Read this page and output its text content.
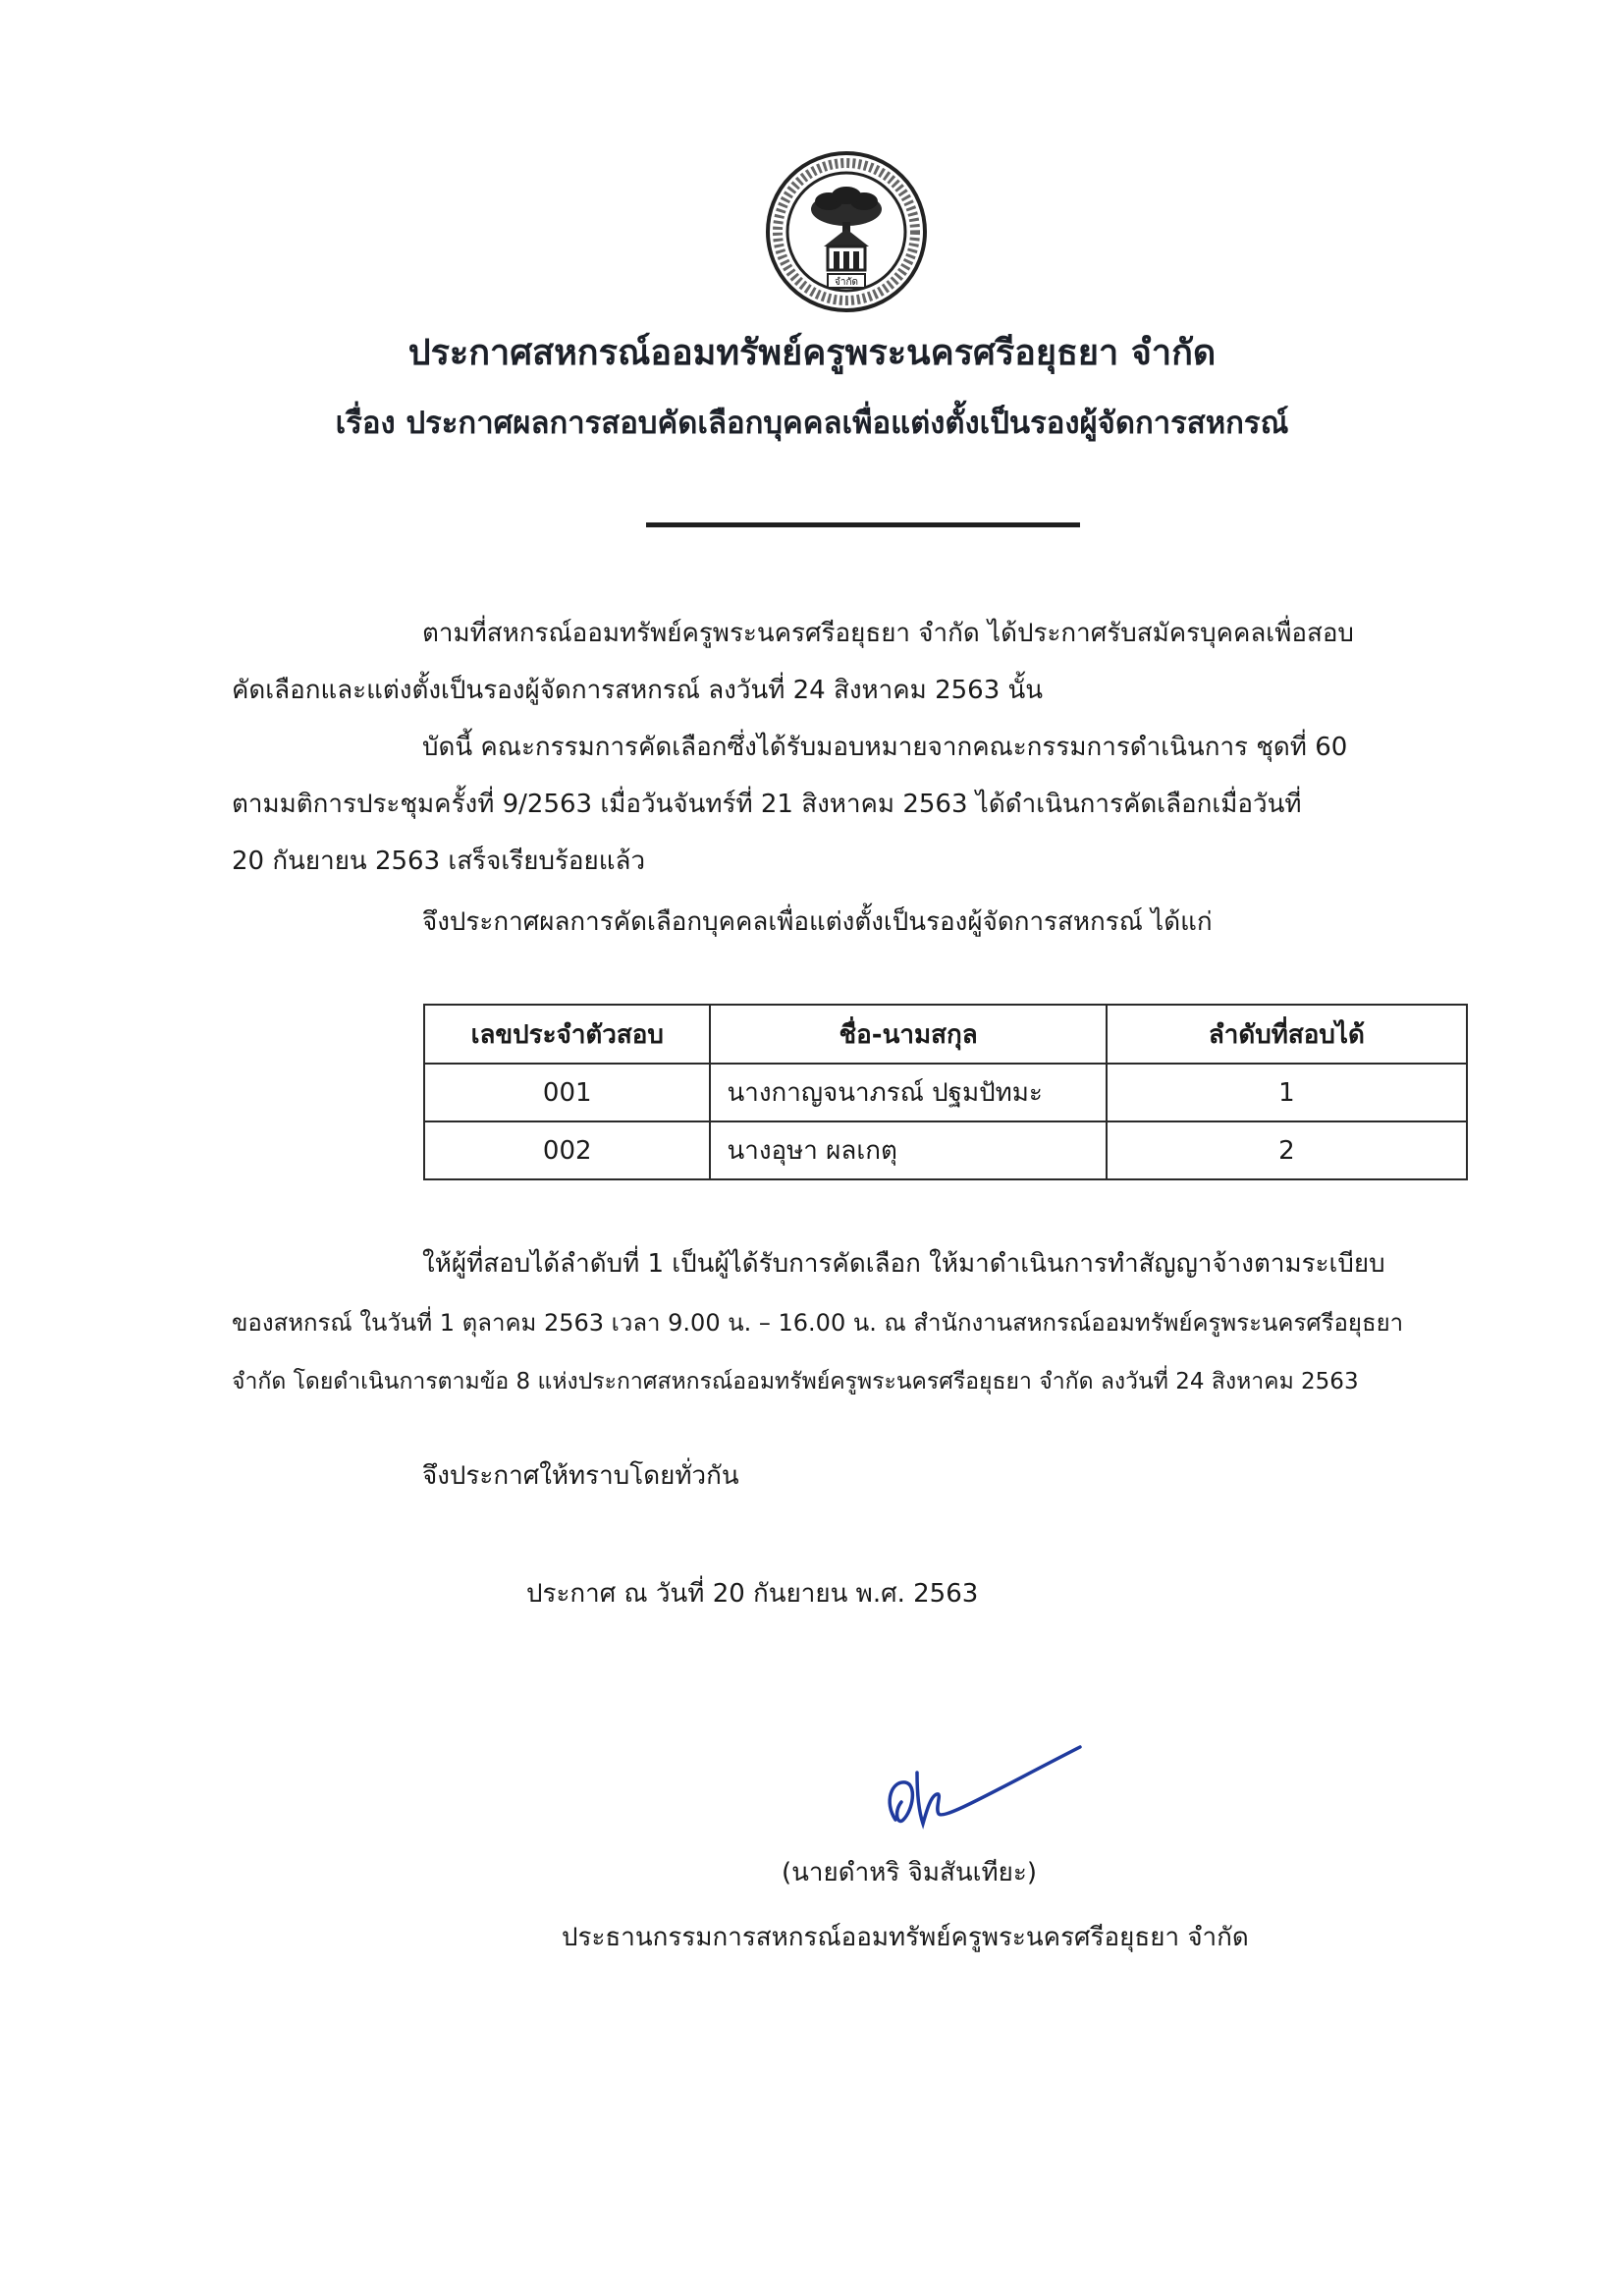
จำกัด
ประกาศสหกรณ์ออมทรัพย์ครูพระนครศรีอยุธยา จำกัด
เรื่อง ประกาศผลการสอบคัดเลือกบุคคลเพื่อแต่งตั้งเป็นรองผู้จัดการสหกรณ์
ตามที่สหกรณ์ออมทรัพย์ครูพระนครศรีอยุธยา จำกัด ได้ประกาศรับสมัครบุคคลเพื่อสอบ
คัดเลือกและแต่งตั้งเป็นรองผู้จัดการสหกรณ์ ลงวันที่ 24 สิงหาคม 2563 นั้น
บัดนี้ คณะกรรมการคัดเลือกซึ่งได้รับมอบหมายจากคณะกรรมการดำเนินการ ชุดที่ 60
ตามมติการประชุมครั้งที่ 9/2563 เมื่อวันจันทร์ที่ 21 สิงหาคม 2563 ได้ดำเนินการคัดเลือกเมื่อวันที่
20 กันยายน 2563 เสร็จเรียบร้อยแล้ว
จึงประกาศผลการคัดเลือกบุคคลเพื่อแต่งตั้งเป็นรองผู้จัดการสหกรณ์ ได้แก่
เลขประจำตัวสอบ	ชื่อ-นามสกุล	ลำดับที่สอบได้
001	นางกาญจนาภรณ์ ปฐมปัทมะ	1
002	นางอุษา ผลเกตุ	2
ให้ผู้ที่สอบได้ลำดับที่ 1 เป็นผู้ได้รับการคัดเลือก ให้มาดำเนินการทำสัญญาจ้างตามระเบียบ
ของสหกรณ์ ในวันที่ 1 ตุลาคม 2563 เวลา 9.00 น. – 16.00 น. ณ สำนักงานสหกรณ์ออมทรัพย์ครูพระนครศรีอยุธยา
จำกัด โดยดำเนินการตามข้อ 8 แห่งประกาศสหกรณ์ออมทรัพย์ครูพระนครศรีอยุธยา จำกัด ลงวันที่ 24 สิงหาคม 2563
จึงประกาศให้ทราบโดยทั่วกัน
ประกาศ ณ วันที่ 20 กันยายน พ.ศ. 2563
(นายดำหริ จิมสันเทียะ)
ประธานกรรมการสหกรณ์ออมทรัพย์ครูพระนครศรีอยุธยา จำกัด
